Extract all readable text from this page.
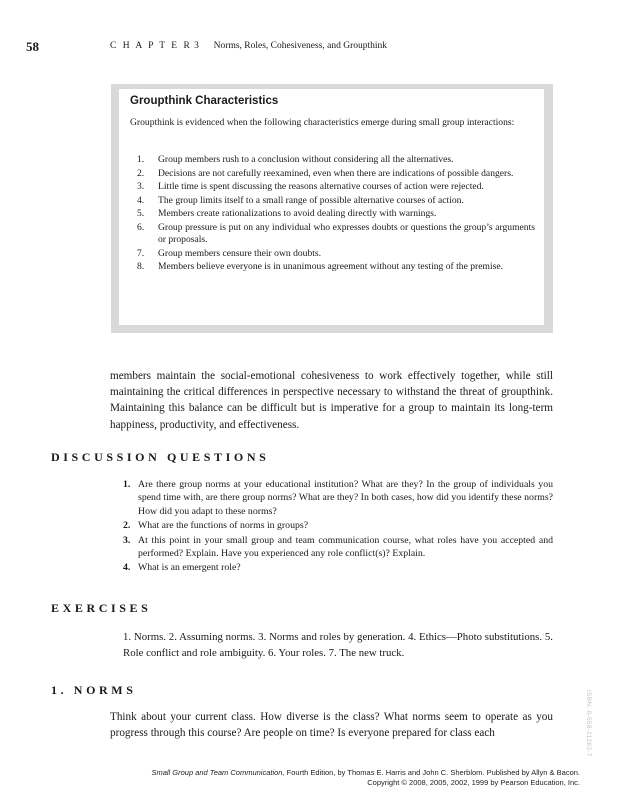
58	C H A P T E R 3 Norms, Roles, Cohesiveness, and Groupthink
Groupthink Characteristics
Groupthink is evidenced when the following characteristics emerge during small group interactions:
1.	Group members rush to a conclusion without considering all the alternatives.
2.	Decisions are not carefully reexamined, even when there are indications of possible dangers.
3.	Little time is spent discussing the reasons alternative courses of action were rejected.
4.	The group limits itself to a small range of possible alternative courses of action.
5.	Members create rationalizations to avoid dealing directly with warnings.
6.	Group pressure is put on any individual who expresses doubts or questions the group’s arguments or proposals.
7.	Group members censure their own doubts.
8.	Members believe everyone is in unanimous agreement without any testing of the premise.

members maintain the social-emotional cohesiveness to work effectively together, while still maintaining the critical differences in perspective necessary to withstand the threat of groupthink. Maintaining this balance can be difficult but is imperative for a group to maintain its long-term happiness, productivity, and effectiveness.

DISCUSSION QUESTIONS
1. Are there group norms at your educational institution? What are they? In the group of individuals you spend time with, are there group norms? What are they? In both cases, how did you identify these norms? How did you adapt to these norms?
2. What are the functions of norms in groups?
3. At this point in your small group and team communication course, what roles have you accepted and performed? Explain. Have you experienced any role conflict(s)? Explain.
4. What is an emergent role?
EXERCISES

1. Norms. 2. Assuming norms. 3. Norms and roles by generation. 4. Ethics—Photo substitutions. 5. Role conflict and role ambiguity. 6. Your roles. 7. The new truck.

1. NORMS

Think about your current class. How diverse is the class? What norms seem to operate as you progress through this course? Are people on time? Is everyone prepared for class each	ISBN: 0-558-11282-7
Small Group and Team Communication, Fourth Edition, by Thomas E. Harris and John C. Sherblom. Published by Allyn & Bacon.
Copyright © 2008, 2005, 2002, 1999 by Pearson Education, Inc.
